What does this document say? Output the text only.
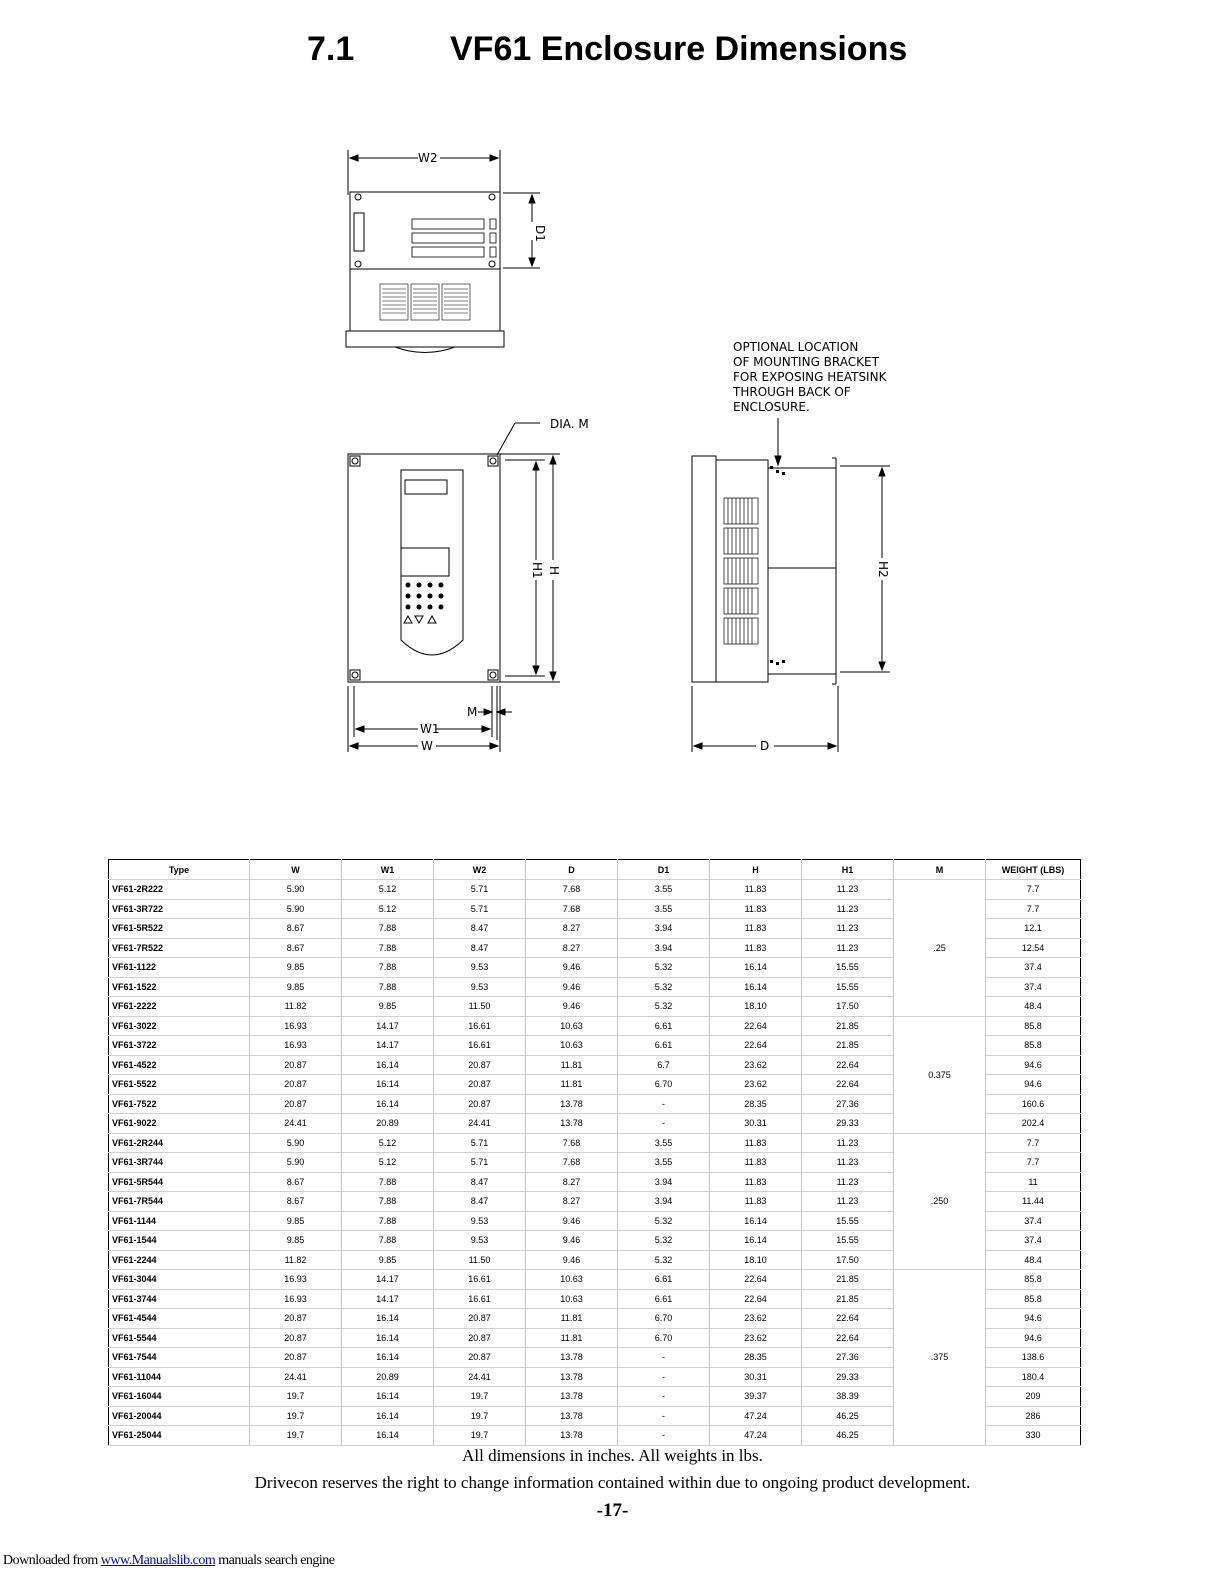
7.1	VF61 Enclosure Dimensions
W2
D1
DIA. M
H1 H
W1
W
M
OPTIONAL LOCATION
OF MOUNTING BRACKET
FOR EXPOSING HEATSINK
THROUGH BACK OF
ENCLOSURE.
H2
D
Type	W	W1	W2	D	D1	H	H1	M	WEIGHT (LBS)
VF61-2R222	5.90	5.12	5.71	7.68	3.55	11.83	11.23	.25	7.7
VF61-3R722	5.90	5.12	5.71	7.68	3.55	11.83	11.23		7.7
VF61-5R522	8.67	7.88	8.47	8.27	3.94	11.83	11.23		12.1
VF61-7R522	8.67	7.88	8.47	8.27	3.94	11.83	11.23		12.54
VF61-1122	9.85	7.88	9.53	9.46	5.32	16.14	15.55		37.4
VF61-1522	9.85	7.88	9.53	9.46	5.32	16.14	15.55		37.4
VF61-2222	11.82	9.85	11.50	9.46	5.32	18.10	17.50		48.4
VF61-3022	16.93	14.17	16.61	10.63	6.61	22.64	21.85	0.375	85.8
VF61-3722	16.93	14.17	16.61	10.63	6.61	22.64	21.85		85.8
VF61-4522	20.87	16.14	20.87	11.81	6.7	23.62	22.64		94.6
VF61-5522	20.87	16.14	20.87	11.81	6.70	23.62	22.64		94.6
VF61-7522	20.87	16.14	20.87	13.78	-	28.35	27.36		160.6
VF61-9022	24.41	20.89	24.41	13.78	-	30.31	29.33		202.4
VF61-2R244	5.90	5.12	5.71	7.68	3.55	11.83	11.23	.250	7.7
VF61-3R744	5.90	5.12	5.71	7.68	3.55	11.83	11.23		7.7
VF61-5R544	8.67	7.88	8.47	8.27	3.94	11.83	11.23		11
VF61-7R544	8.67	7.88	8.47	8.27	3.94	11.83	11.23		11.44
VF61-1144	9.85	7.88	9.53	9.46	5.32	16.14	15.55		37.4
VF61-1544	9.85	7.88	9.53	9.46	5.32	16.14	15.55		37.4
VF61-2244	11.82	9.85	11.50	9.46	5.32	18.10	17.50		48.4
VF61-3044	16.93	14.17	16.61	10.63	6.61	22.64	21.85	.375	85.8
VF61-3744	16.93	14.17	16.61	10.63	6.61	22.64	21.85		85.8
VF61-4544	20.87	16.14	20.87	11.81	6.70	23.62	22.64		94.6
VF61-5544	20.87	16.14	20.87	11.81	6.70	23.62	22.64		94.6
VF61-7544	20.87	16.14	20.87	13.78	-	28.35	27.36		138.6
VF61-11044	24.41	20.89	24.41	13.78	-	30.31	29.33		180.4
VF61-16044	19.7	16.14	19.7	13.78	-	39.37	38.39		209
VF61-20044	19.7	16.14	19.7	13.78	-	47.24	46.25		286
VF61-25044	19.7	16.14	19.7	13.78	-	47.24	46.25		330
All dimensions in inches. All weights in lbs.
Drivecon reserves the right to change information contained within due to ongoing product development.
-17-
Downloaded from www.Manualslib.com manuals search engine
